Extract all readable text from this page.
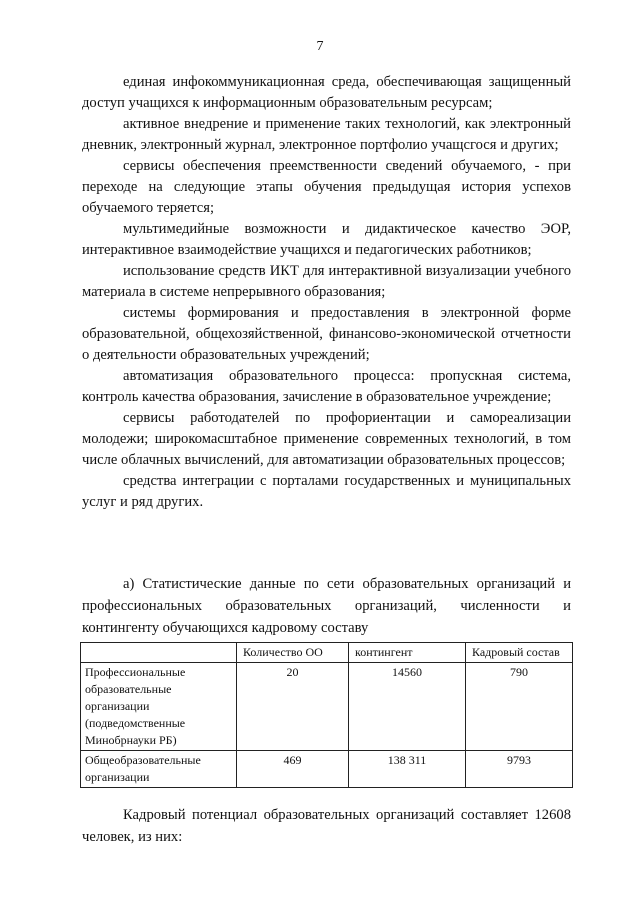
7

единая инфокоммуникационная среда, обеспечивающая защищенный доступ учащихся к информационным образовательным ресурсам;

активное внедрение и применение таких технологий, как электронный дневник, электронный журнал, электронное портфолио учащсгося и других;

сервисы обеспечения преемственности сведений обучаемого, - при переходе на следующие этапы обучения предыдущая история успехов обучаемого теряется;

мультимедийные возможности и дидактическое качество ЭОР, интерактивное взаимодействие учащихся и педагогических работников;

использование средств ИКТ для интерактивной визуализации учебного материала в системе непрерывного образования;

системы формирования и предоставления в электронной форме образовательной, общехозяйственной, финансово-экономической отчетности о деятельности образовательных учреждений;

автоматизация образовательного процесса: пропускная система, контроль качества образования, зачисление в образовательное учреждение;

сервисы работодателей по профориентации и самореализации молодежи; широкомасштабное применение современных технологий, в том числе облачных вычислений, для автоматизации образовательных процессов;

средства интеграции с порталами государственных и муниципальных услуг и ряд других.

а) Статистические данные по сети образовательных организаций и профессиональных образовательных организаций, численности и контингенту обучающихся кадровому составу

	Количество ОО	контингент	Кадровый состав
Профессиональные образовательные организации (подведомственные Минобрнауки РБ)	20	14560	790
Общеобразовательные организации	469	138 311	9793

Кадровый потенциал образовательных организаций составляет 12608 человек, из них:
